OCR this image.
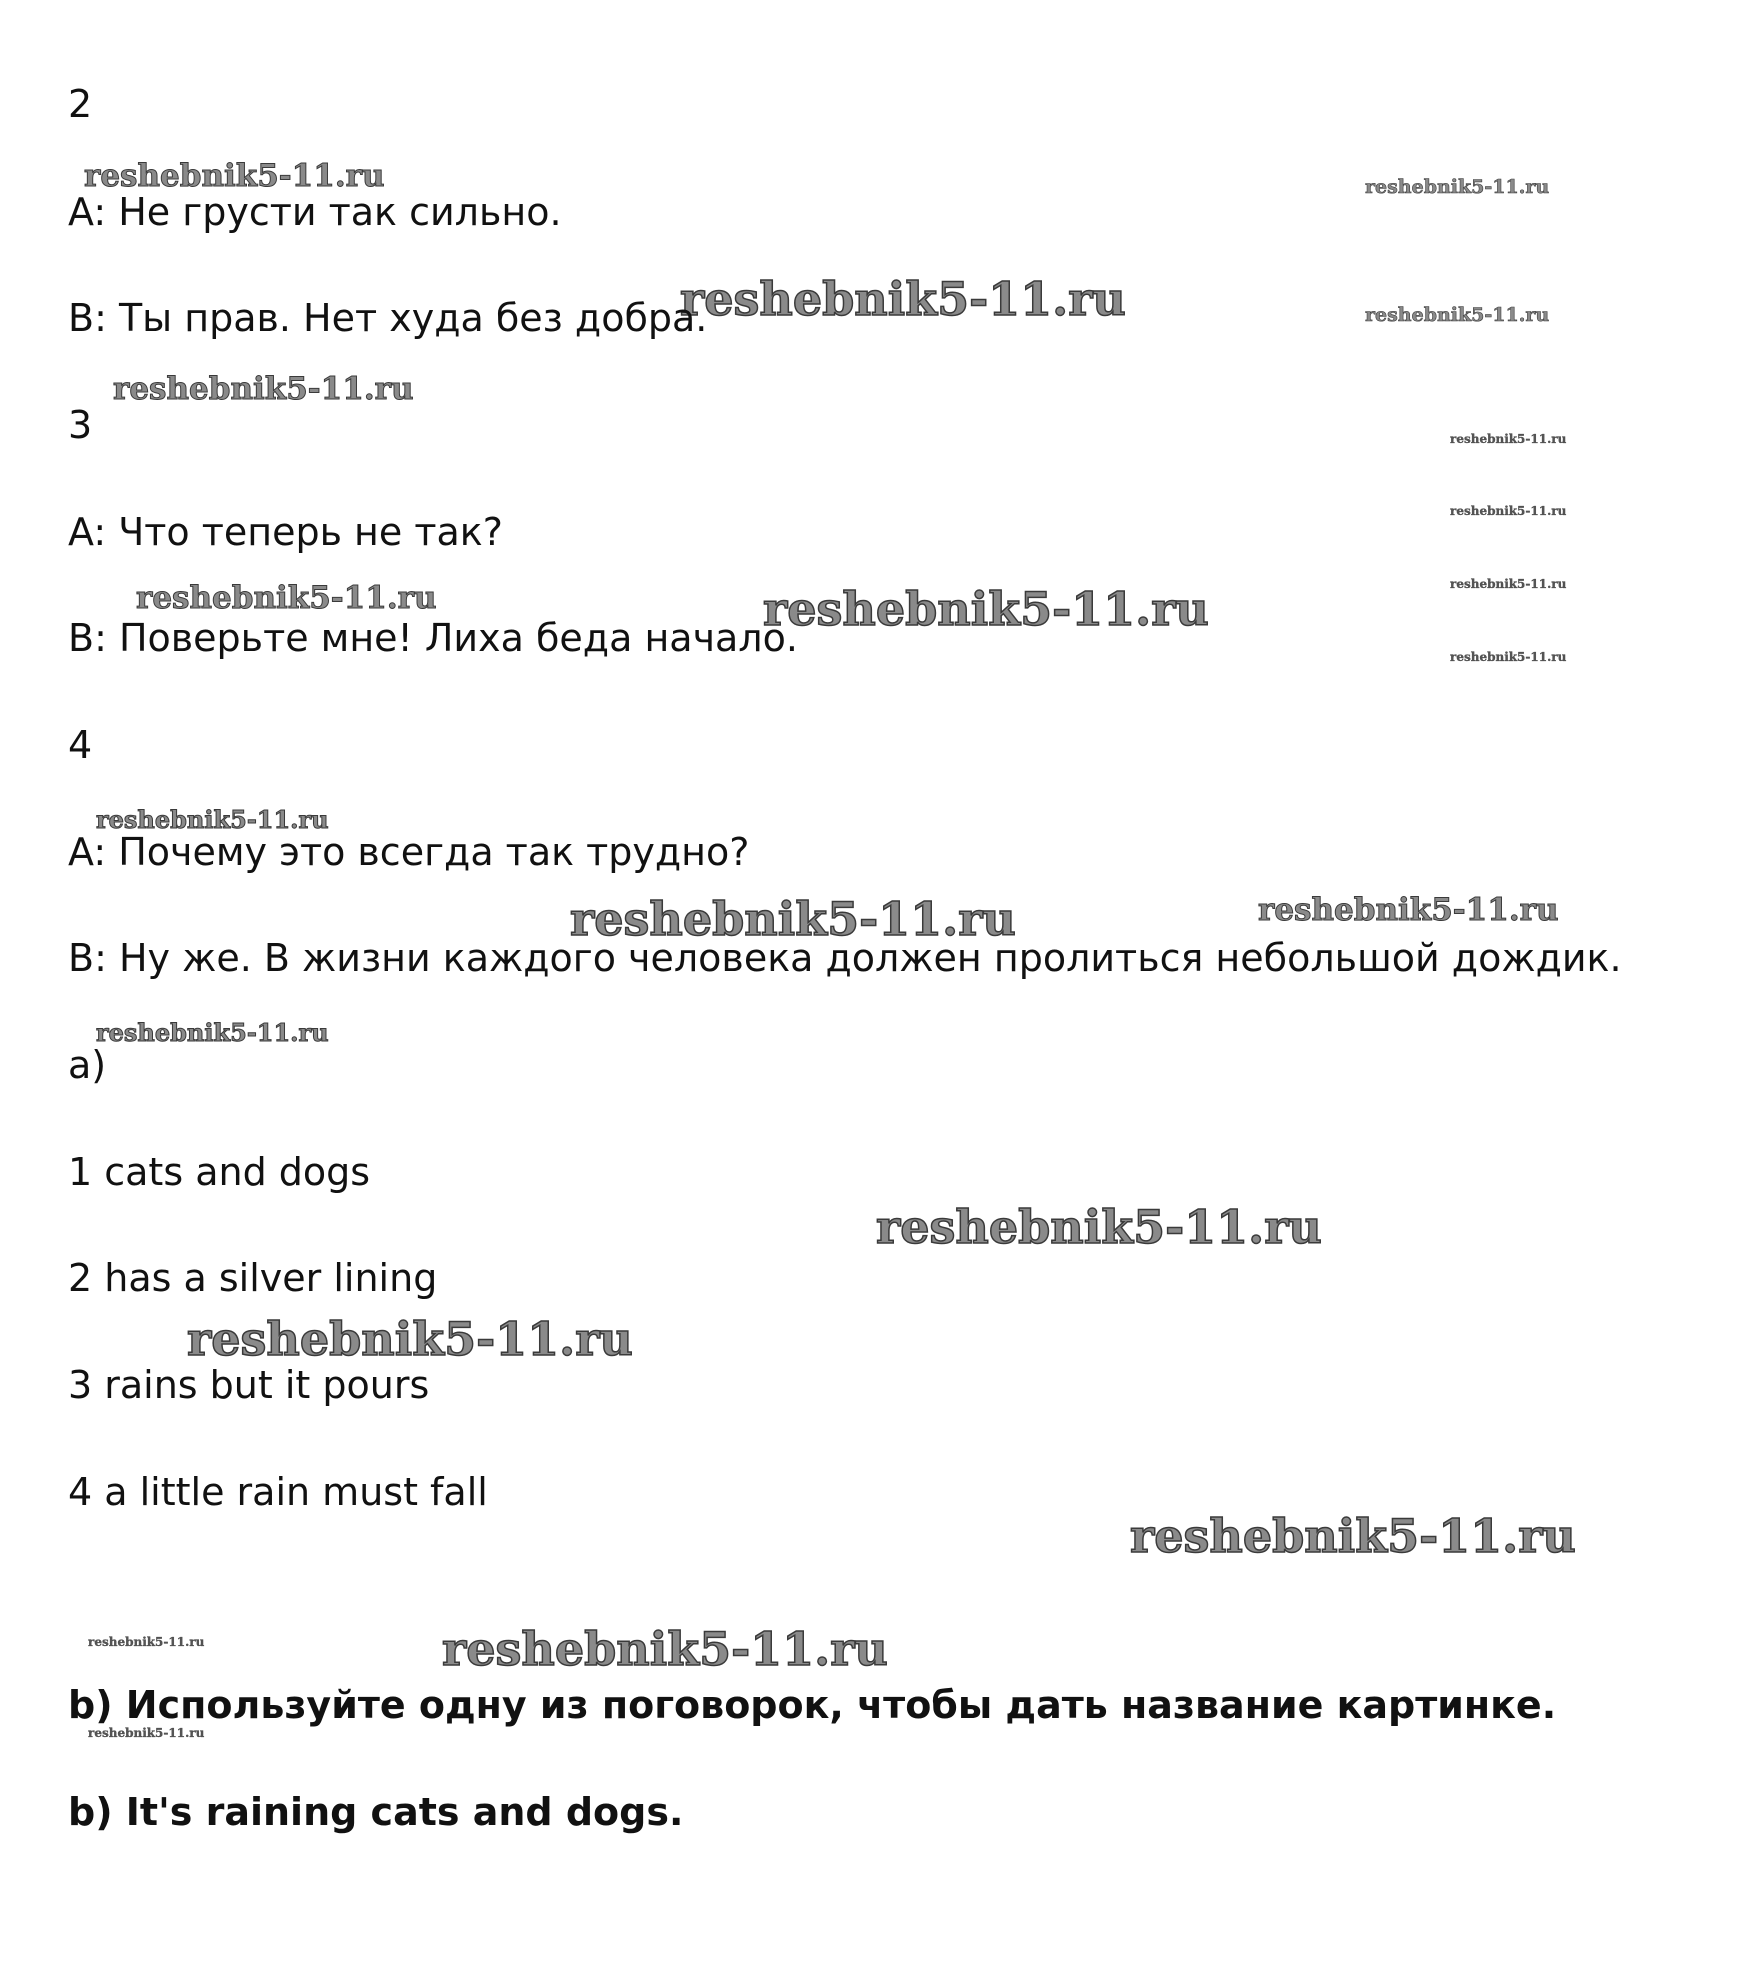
reshebnik5-11.ru	reshebnik5-11.ru
reshebnik5-11.ru	reshebnik5-11.ru
reshebnik5-11.ru
reshebnik5-11.ru
reshebnik5-11.ru
reshebnik5-11.ru	reshebnik5-11.ru
reshebnik5-11.ru
reshebnik5-11.ru
reshebnik5-11.ru
reshebnik5-11.ru	reshebnik5-11.ru
reshebnik5-11.ru
reshebnik5-11.ru
reshebnik5-11.ru
reshebnik5-11.ru
reshebnik5-11.ru	reshebnik5-11.ru
reshebnik5-11.ru
2
A: Не грусти так сильно.
B: Ты прав. Нет худа без добра.
3
A: Что теперь не так?
B: Поверьте мне! Лиха беда начало.
4
A: Почему это всегда так трудно?
B: Ну же. В жизни каждого человека должен пролиться небольшой дождик.
a)
1 cats and dogs
2 has a silver lining
3 rains but it pours
4 a little rain must fall
b) Используйте одну из поговорок, чтобы дать название картинке.
b) It's raining cats and dogs.
